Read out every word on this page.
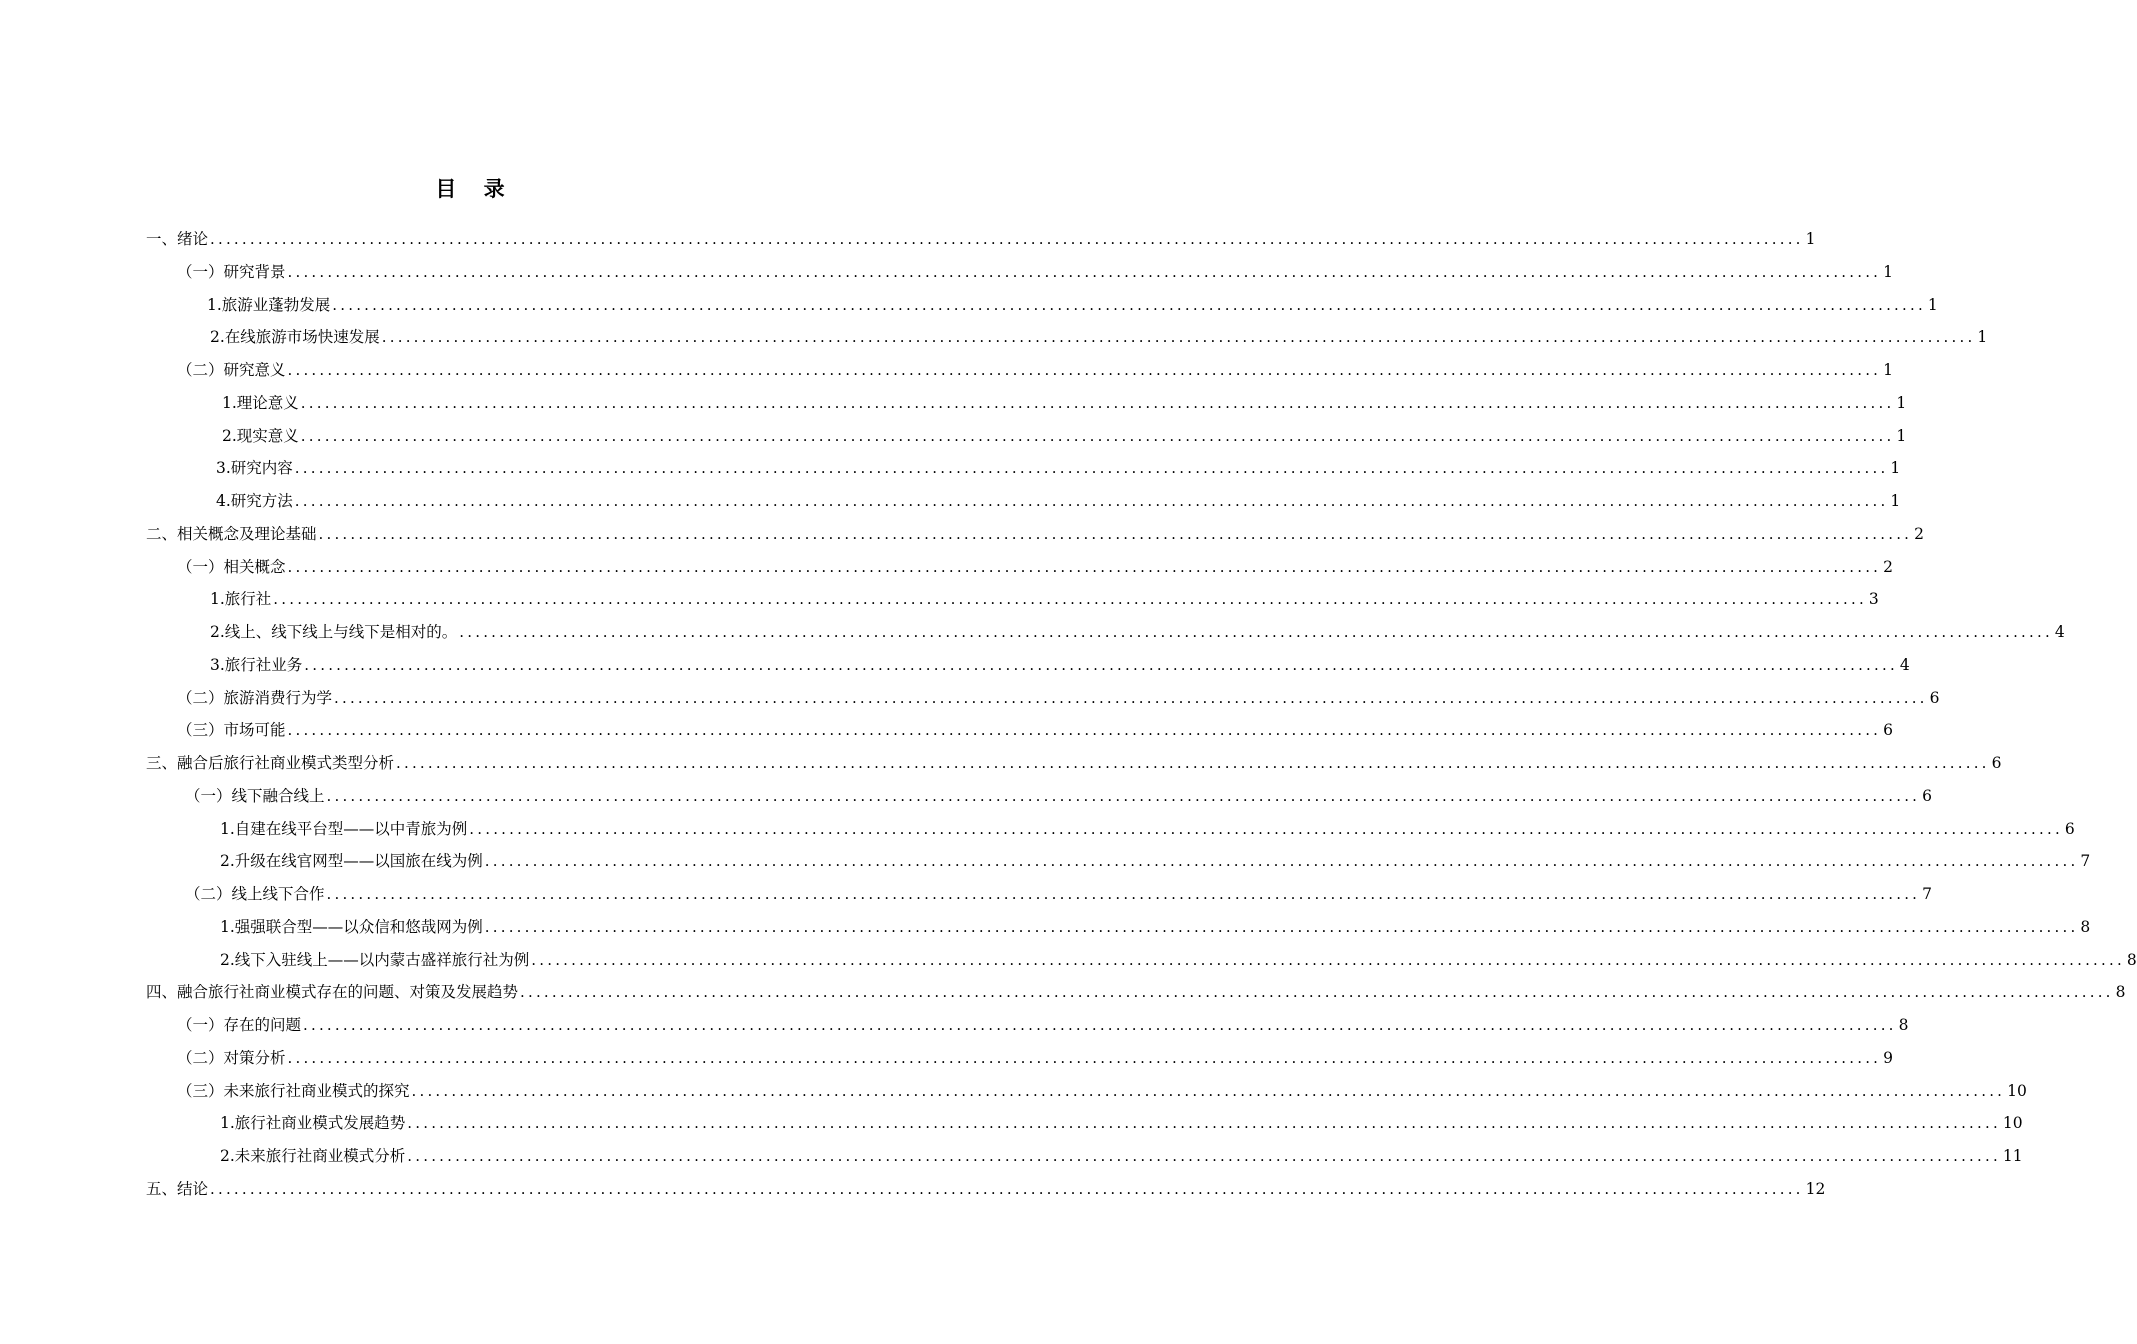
目 录
一、绪论 ........................................................................................................................................................................................................ 1
（一）研究背景 ........................................................................................................................................................................................................ 1
1.旅游业蓬勃发展 ........................................................................................................................................................................................................ 1
2.在线旅游市场快速发展 ........................................................................................................................................................................................................ 1
（二）研究意义 ........................................................................................................................................................................................................ 1
1.理论意义 ........................................................................................................................................................................................................ 1
2.现实意义 ........................................................................................................................................................................................................ 1
3.研究内容 ........................................................................................................................................................................................................ 1
4.研究方法 ........................................................................................................................................................................................................ 1
二、相关概念及理论基础 ........................................................................................................................................................................................................ 2
（一）相关概念 ........................................................................................................................................................................................................ 2
1.旅行社 ........................................................................................................................................................................................................ 3
2.线上、线下线上与线下是相对的。 ........................................................................................................................................................................................................ 4
3.旅行社业务 ........................................................................................................................................................................................................ 4
（二）旅游消费行为学 ........................................................................................................................................................................................................ 6
（三）市场可能 ........................................................................................................................................................................................................ 6
三、融合后旅行社商业模式类型分析 ........................................................................................................................................................................................................ 6
（一）线下融合线上 ........................................................................................................................................................................................................ 6
1.自建在线平台型——以中青旅为例 ........................................................................................................................................................................................................ 6
2.升级在线官网型——以国旅在线为例 ........................................................................................................................................................................................................ 7
（二）线上线下合作 ........................................................................................................................................................................................................ 7
1.强强联合型——以众信和悠哉网为例 ........................................................................................................................................................................................................ 8
2.线下入驻线上——以内蒙古盛祥旅行社为例 ........................................................................................................................................................................................................ 8
四、融合旅行社商业模式存在的问题、对策及发展趋势 ........................................................................................................................................................................................................ 8
（一）存在的问题 ........................................................................................................................................................................................................ 8
（二）对策分析 ........................................................................................................................................................................................................ 9
（三）未来旅行社商业模式的探究 ........................................................................................................................................................................................................ 10
1.旅行社商业模式发展趋势 ........................................................................................................................................................................................................ 10
2.未来旅行社商业模式分析 ........................................................................................................................................................................................................ 11
五、结论 ........................................................................................................................................................................................................ 12
